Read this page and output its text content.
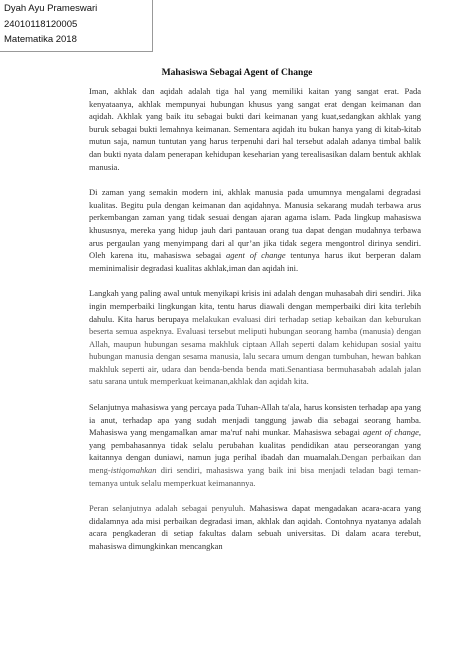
Dyah Ayu Prameswari
24010118120005
Matematika 2018
Mahasiswa Sebagai Agent of Change

Iman, akhlak dan aqidah adalah tiga hal yang memiliki kaitan yang sangat erat. Pada kenyataanya, akhlak mempunyai hubungan khusus yang sangat erat dengan keimanan dan aqidah. Akhlak yang baik itu sebagai bukti dari keimanan yang kuat,sedangkan akhlak yang buruk sebagai bukti lemahnya keimanan. Sementara aqidah itu bukan hanya yang di kitab-kitab mutun saja, namun tuntutan yang harus terpenuhi dari hal tersebut adalah adanya timbal balik dan bukti nyata dalam penerapan kehidupan keseharian yang terealisasikan dalam bentuk akhlak manusia.

Di zaman yang semakin modern ini, akhlak manusia pada umumnya mengalami degradasi kualitas. Begitu pula dengan keimanan dan aqidahnya. Manusia sekarang mudah terbawa arus perkembangan zaman yang tidak sesuai dengan ajaran agama islam. Pada lingkup mahasiswa khususnya, mereka yang hidup jauh dari pantauan orang tua dapat dengan mudahnya terbawa arus pergaulan yang menyimpang dari al qur’an jika tidak segera mengontrol dirinya sendiri. Oleh karena itu, mahasiswa sebagai agent of change tentunya harus ikut berperan dalam meminimalisir degradasi kualitas akhlak,iman dan aqidah ini.

Langkah yang paling awal untuk menyikapi krisis ini adalah dengan muhasabah diri sendiri. Jika ingin memperbaiki lingkungan kita, tentu harus diawali dengan memperbaiki diri kita terlebih dahulu. Kita harus berupaya melakukan evaluasi diri terhadap setiap kebaikan dan keburukan beserta semua aspeknya. Evaluasi tersebut meliputi hubungan seorang hamba (manusia) dengan Allah, maupun hubungan sesama makhluk ciptaan Allah seperti dalam kehidupan sosial yaitu hubungan manusia dengan sesama manusia, lalu secara umum dengan tumbuhan, hewan bahkan makhluk seperti air, udara dan benda-benda benda mati.Senantiasa bermuhasabah adalah jalan satu sarana untuk memperkuat keimanan,akhlak dan aqidah kita.

Selanjutnya mahasiswa yang percaya pada Tuhan-Allah ta'ala, harus konsisten terhadap apa yang ia anut, terhadap apa yang sudah menjadi tanggung jawab dia sebagai seorang hamba. Mahasiswa yang mengamalkan amar ma'ruf nahi munkar. Mahasiswa sebagai agent of change, yang pembahasannya tidak selalu perubahan kualitas pendidikan atau perseorangan yang kaitannya dengan duniawi, namun juga perihal ibadah dan muamalah.Dengan perbaikan dan meng-istiqomahkan diri sendiri, mahasiswa yang baik ini bisa menjadi teladan bagi teman-temanya untuk selalu memperkuat keimanannya.

Peran selanjutnya adalah sebagai penyuluh. Mahasiswa dapat mengadakan acara-acara yang didalamnya ada misi perbaikan degradasi iman, akhlak dan aqidah. Contohnya nyatanya adalah acara pengkaderan di setiap fakultas dalam sebuah universitas. Di dalam acara terebut, mahasiswa dimungkinkan mencangkan
